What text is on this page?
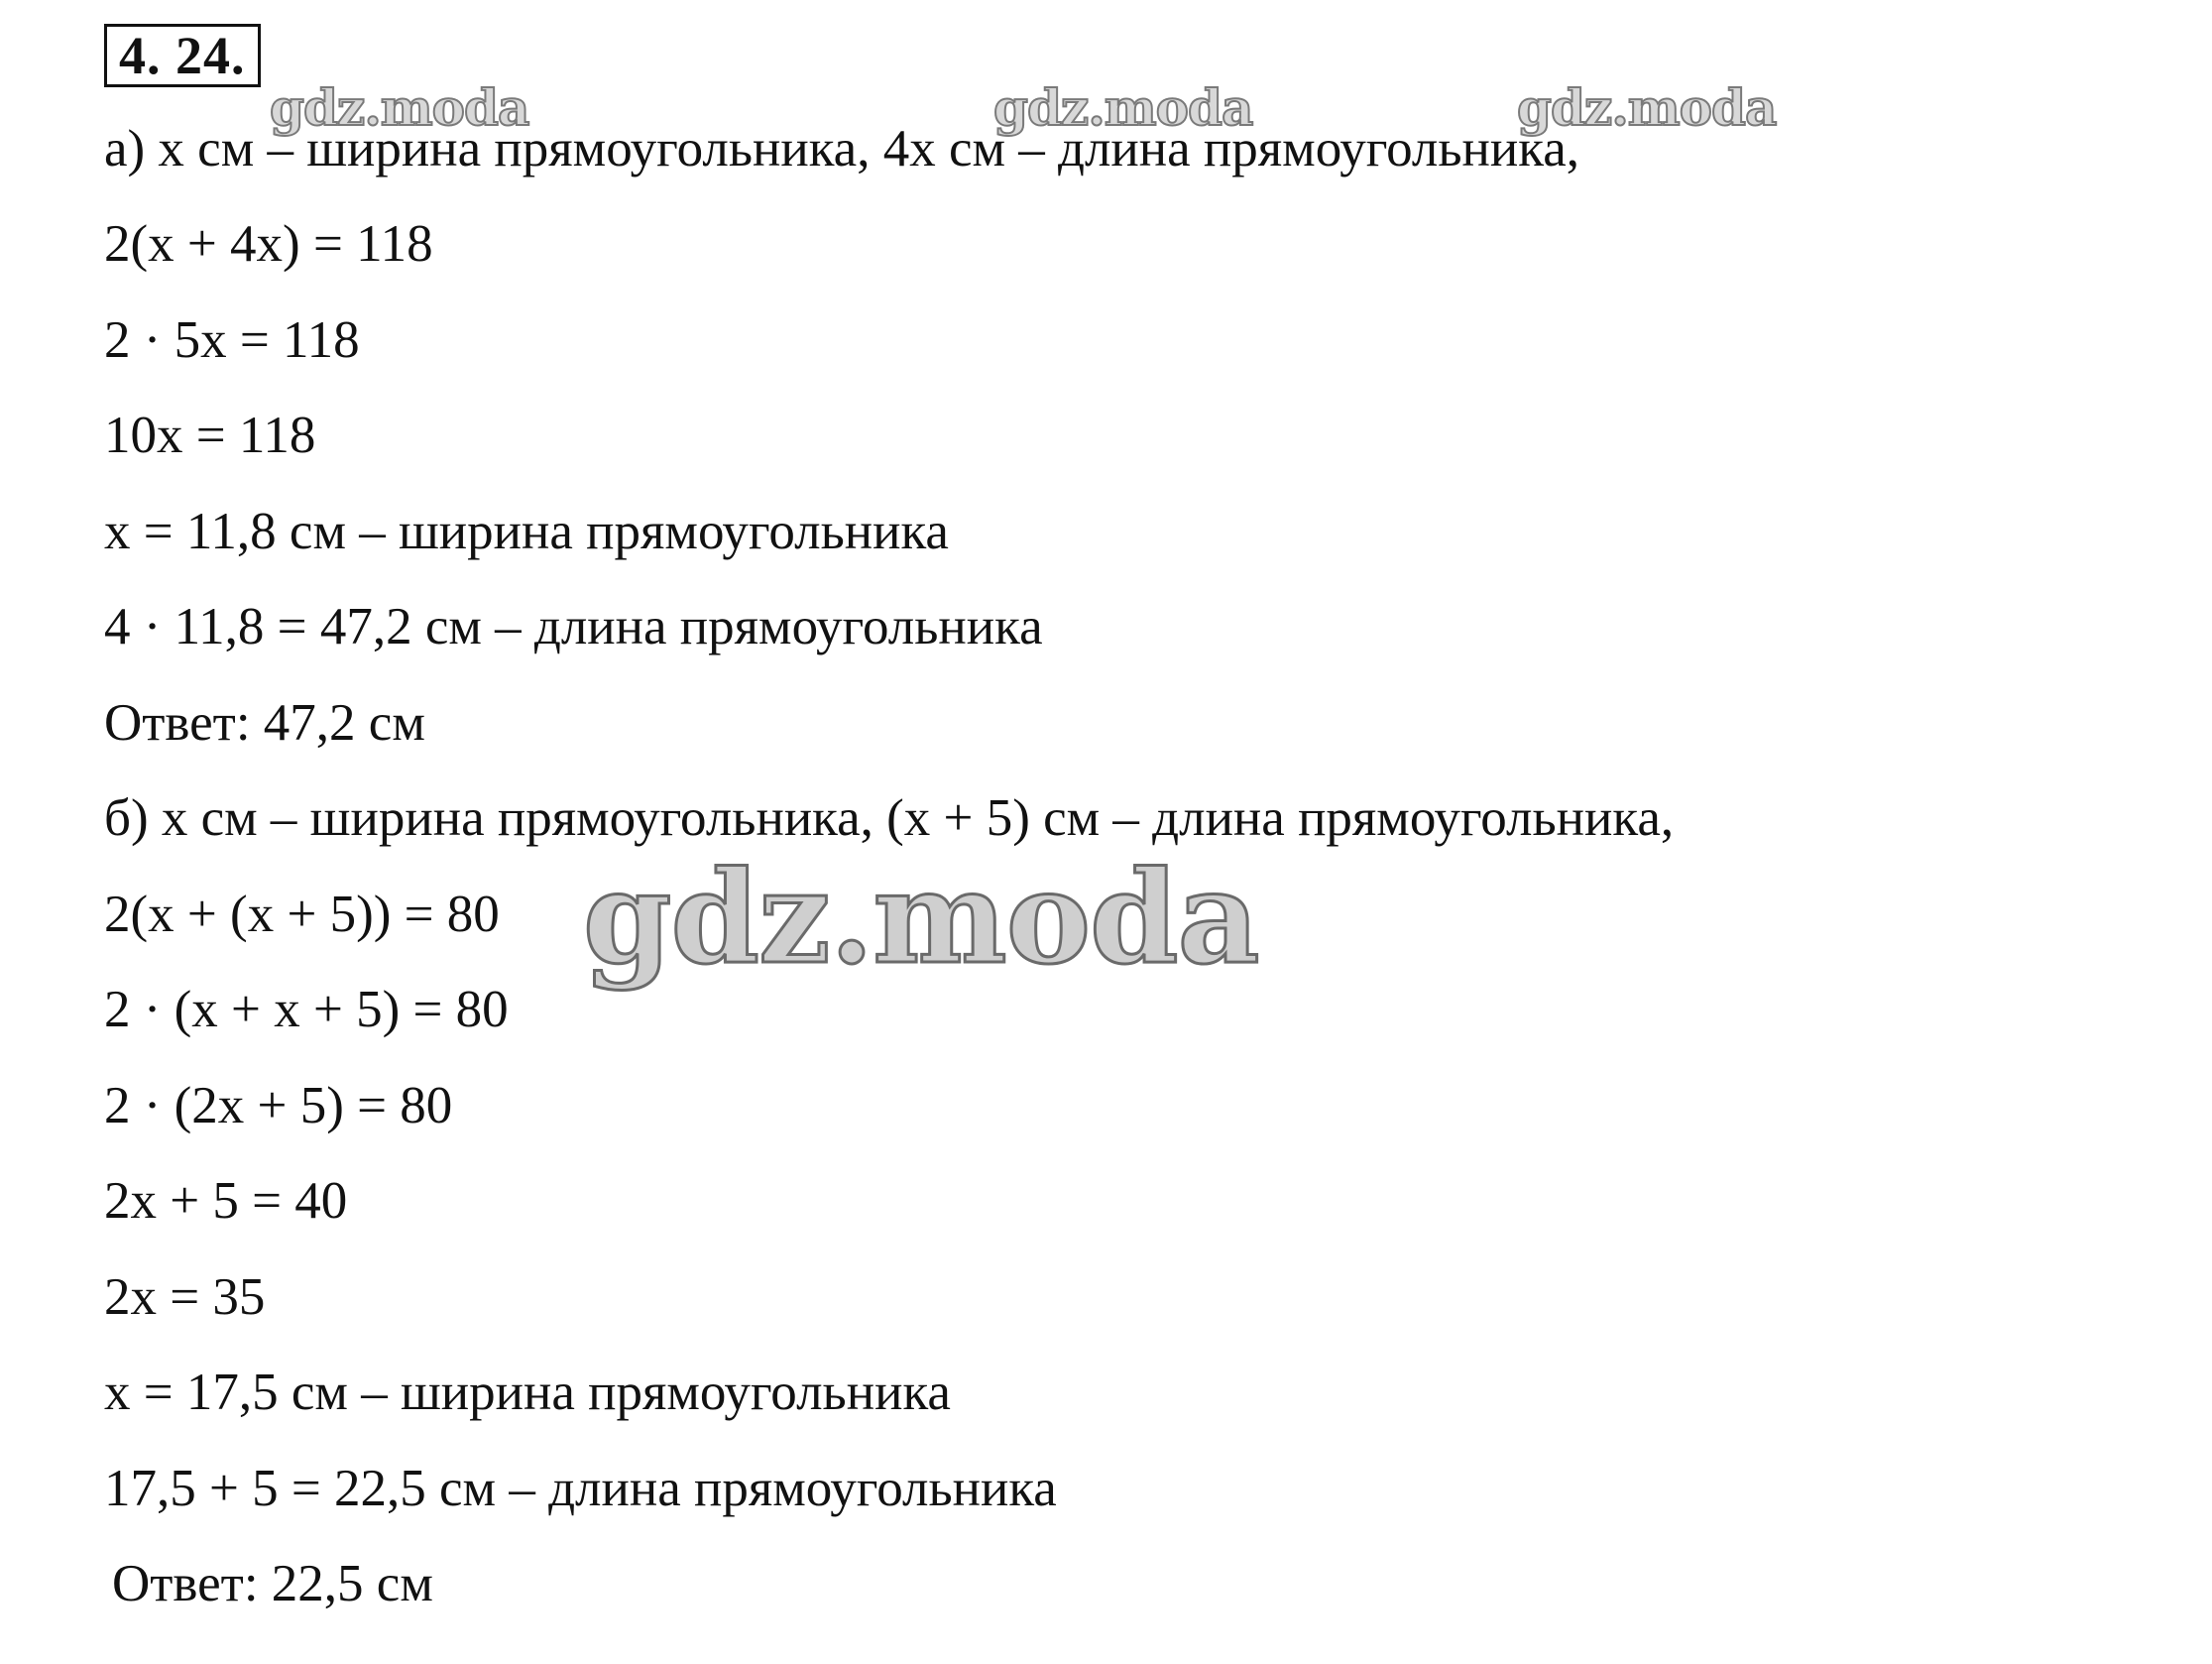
4. 24.
gdz.moda	gdz.moda	gdz.moda
а) x см – ширина прямоугольника, 4x см – длина прямоугольника,
2(x + 4x) = 118
2 · 5x = 118
10x = 118
x = 11,8 см – ширина прямоугольника
4 · 11,8 = 47,2 см – длина прямоугольника
Ответ: 47,2 см
б) x см – ширина прямоугольника, (x + 5) см – длина прямоугольника,
2(x + (x + 5)) = 80
2 · (x + x + 5) = 80
2 · (2x + 5) = 80
2x + 5 = 40
2x = 35
x = 17,5 см – ширина прямоугольника
17,5 + 5 = 22,5 см – длина прямоугольника
Ответ: 22,5 см
gdz.moda
